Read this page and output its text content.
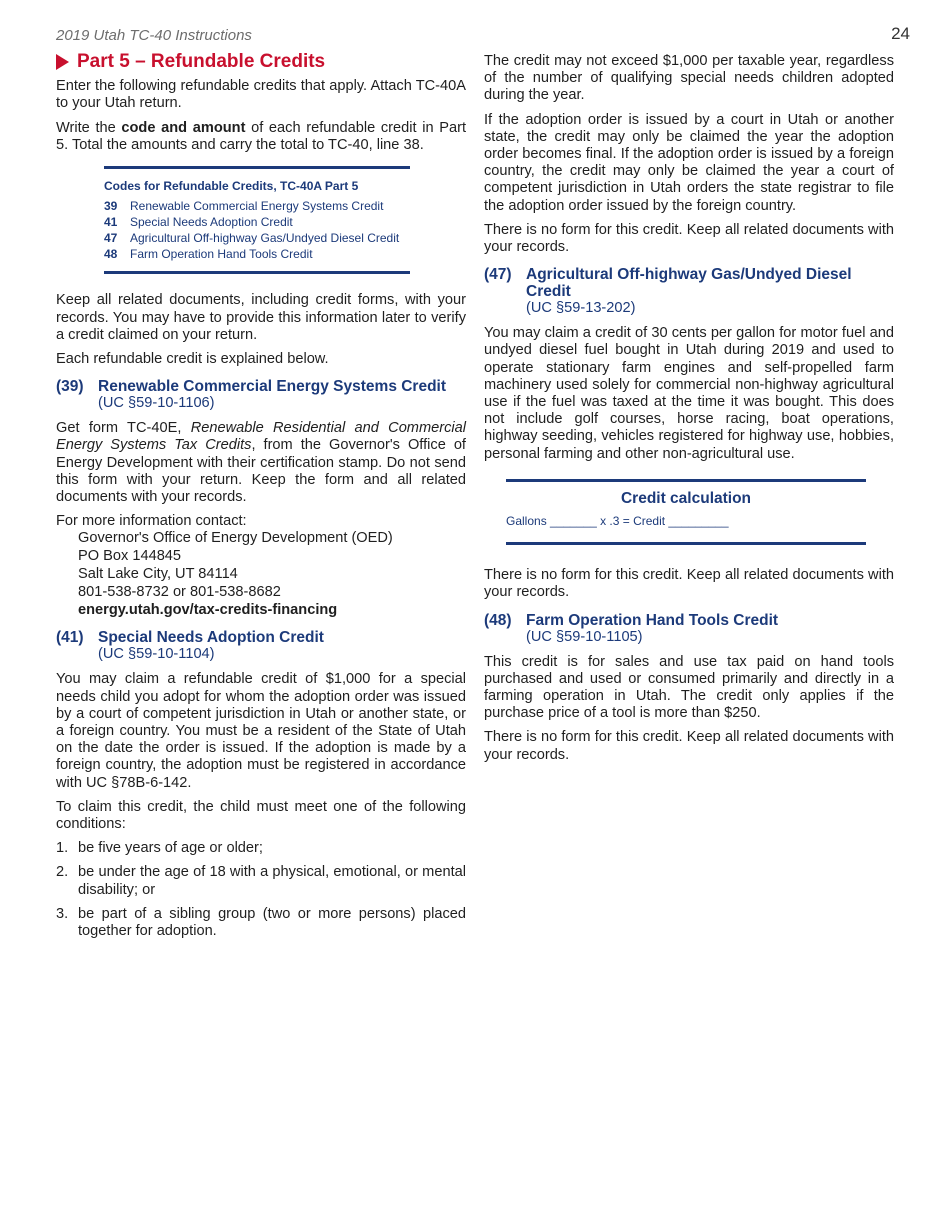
2019 Utah TC-40 Instructions	24
Part 5 – Refundable Credits

Enter the following refundable credits that apply. Attach TC-40A to your Utah return.

Write the code and amount of each refundable credit in Part 5. Total the amounts and carry the total to TC-40, line 38.

Codes for Refundable Credits, TC-40A Part 5
39	Renewable Commercial Energy Systems Credit
41	Special Needs Adoption Credit
47	Agricultural Off-highway Gas/Undyed Diesel Credit
48	Farm Operation Hand Tools Credit

Keep all related documents, including credit forms, with your records. You may have to provide this information later to verify a credit claimed on your return.

Each refundable credit is explained below.

(39) Renewable Commercial Energy Systems Credit
(UC §59-10-1106)

Get form TC-40E, Renewable Residential and Commercial Energy Systems Tax Credits, from the Governor's Office of Energy Development with their certification stamp. Do not send this form with your return. Keep the form and all related documents with your records.

For more information contact:

Governor's Office of Energy Development (OED)
PO Box 144845
Salt Lake City, UT 84114
801-538-8732 or 801-538-8682
energy.utah.gov/tax-credits-financing
(41) Special Needs Adoption Credit
(UC §59-10-1104)

You may claim a refundable credit of $1,000 for a special needs child you adopt for whom the adoption order was issued by a court of competent jurisdiction in Utah or another state, or a foreign country. You must be a resident of the State of Utah on the date the order is issued. If the adoption is made by a foreign country, the adoption must be registered in accordance with UC §78B-6-142.

To claim this credit, the child must meet one of the following conditions:

1. be five years of age or older;
2. be under the age of 18 with a physical, emotional, or mental disability; or
3. be part of a sibling group (two or more persons) placed together for adoption.

The credit may not exceed $1,000 per taxable year, regardless of the number of qualifying special needs children adopted during the year.

If the adoption order is issued by a court in Utah or another state, the credit may only be claimed the year the adoption order becomes final. If the adoption order is issued by a foreign country, the credit may only be claimed the year a court of competent jurisdiction in Utah orders the state registrar to file the adoption order issued by the foreign country.

There is no form for this credit. Keep all related documents with your records.

(47) Agricultural Off-highway Gas/Undyed Diesel Credit
(UC §59-13-202)

You may claim a credit of 30 cents per gallon for motor fuel and undyed diesel fuel bought in Utah during 2019 and used to operate stationary farm engines and self-propelled farm machinery used solely for commercial non-highway agricultural use if the fuel was taxed at the time it was bought. This does not include golf courses, horse racing, boat operations, highway seeding, vehicles registered for highway use, hobbies, personal farming and other non-agricultural use.

Credit calculation
Gallons _______ x .3 = Credit _________

There is no form for this credit. Keep all related documents with your records.

(48) Farm Operation Hand Tools Credit
(UC §59-10-1105)

This credit is for sales and use tax paid on hand tools purchased and used or consumed primarily and directly in a farming operation in Utah. The credit only applies if the purchase price of a tool is more than $250.

There is no form for this credit. Keep all related documents with your records.
